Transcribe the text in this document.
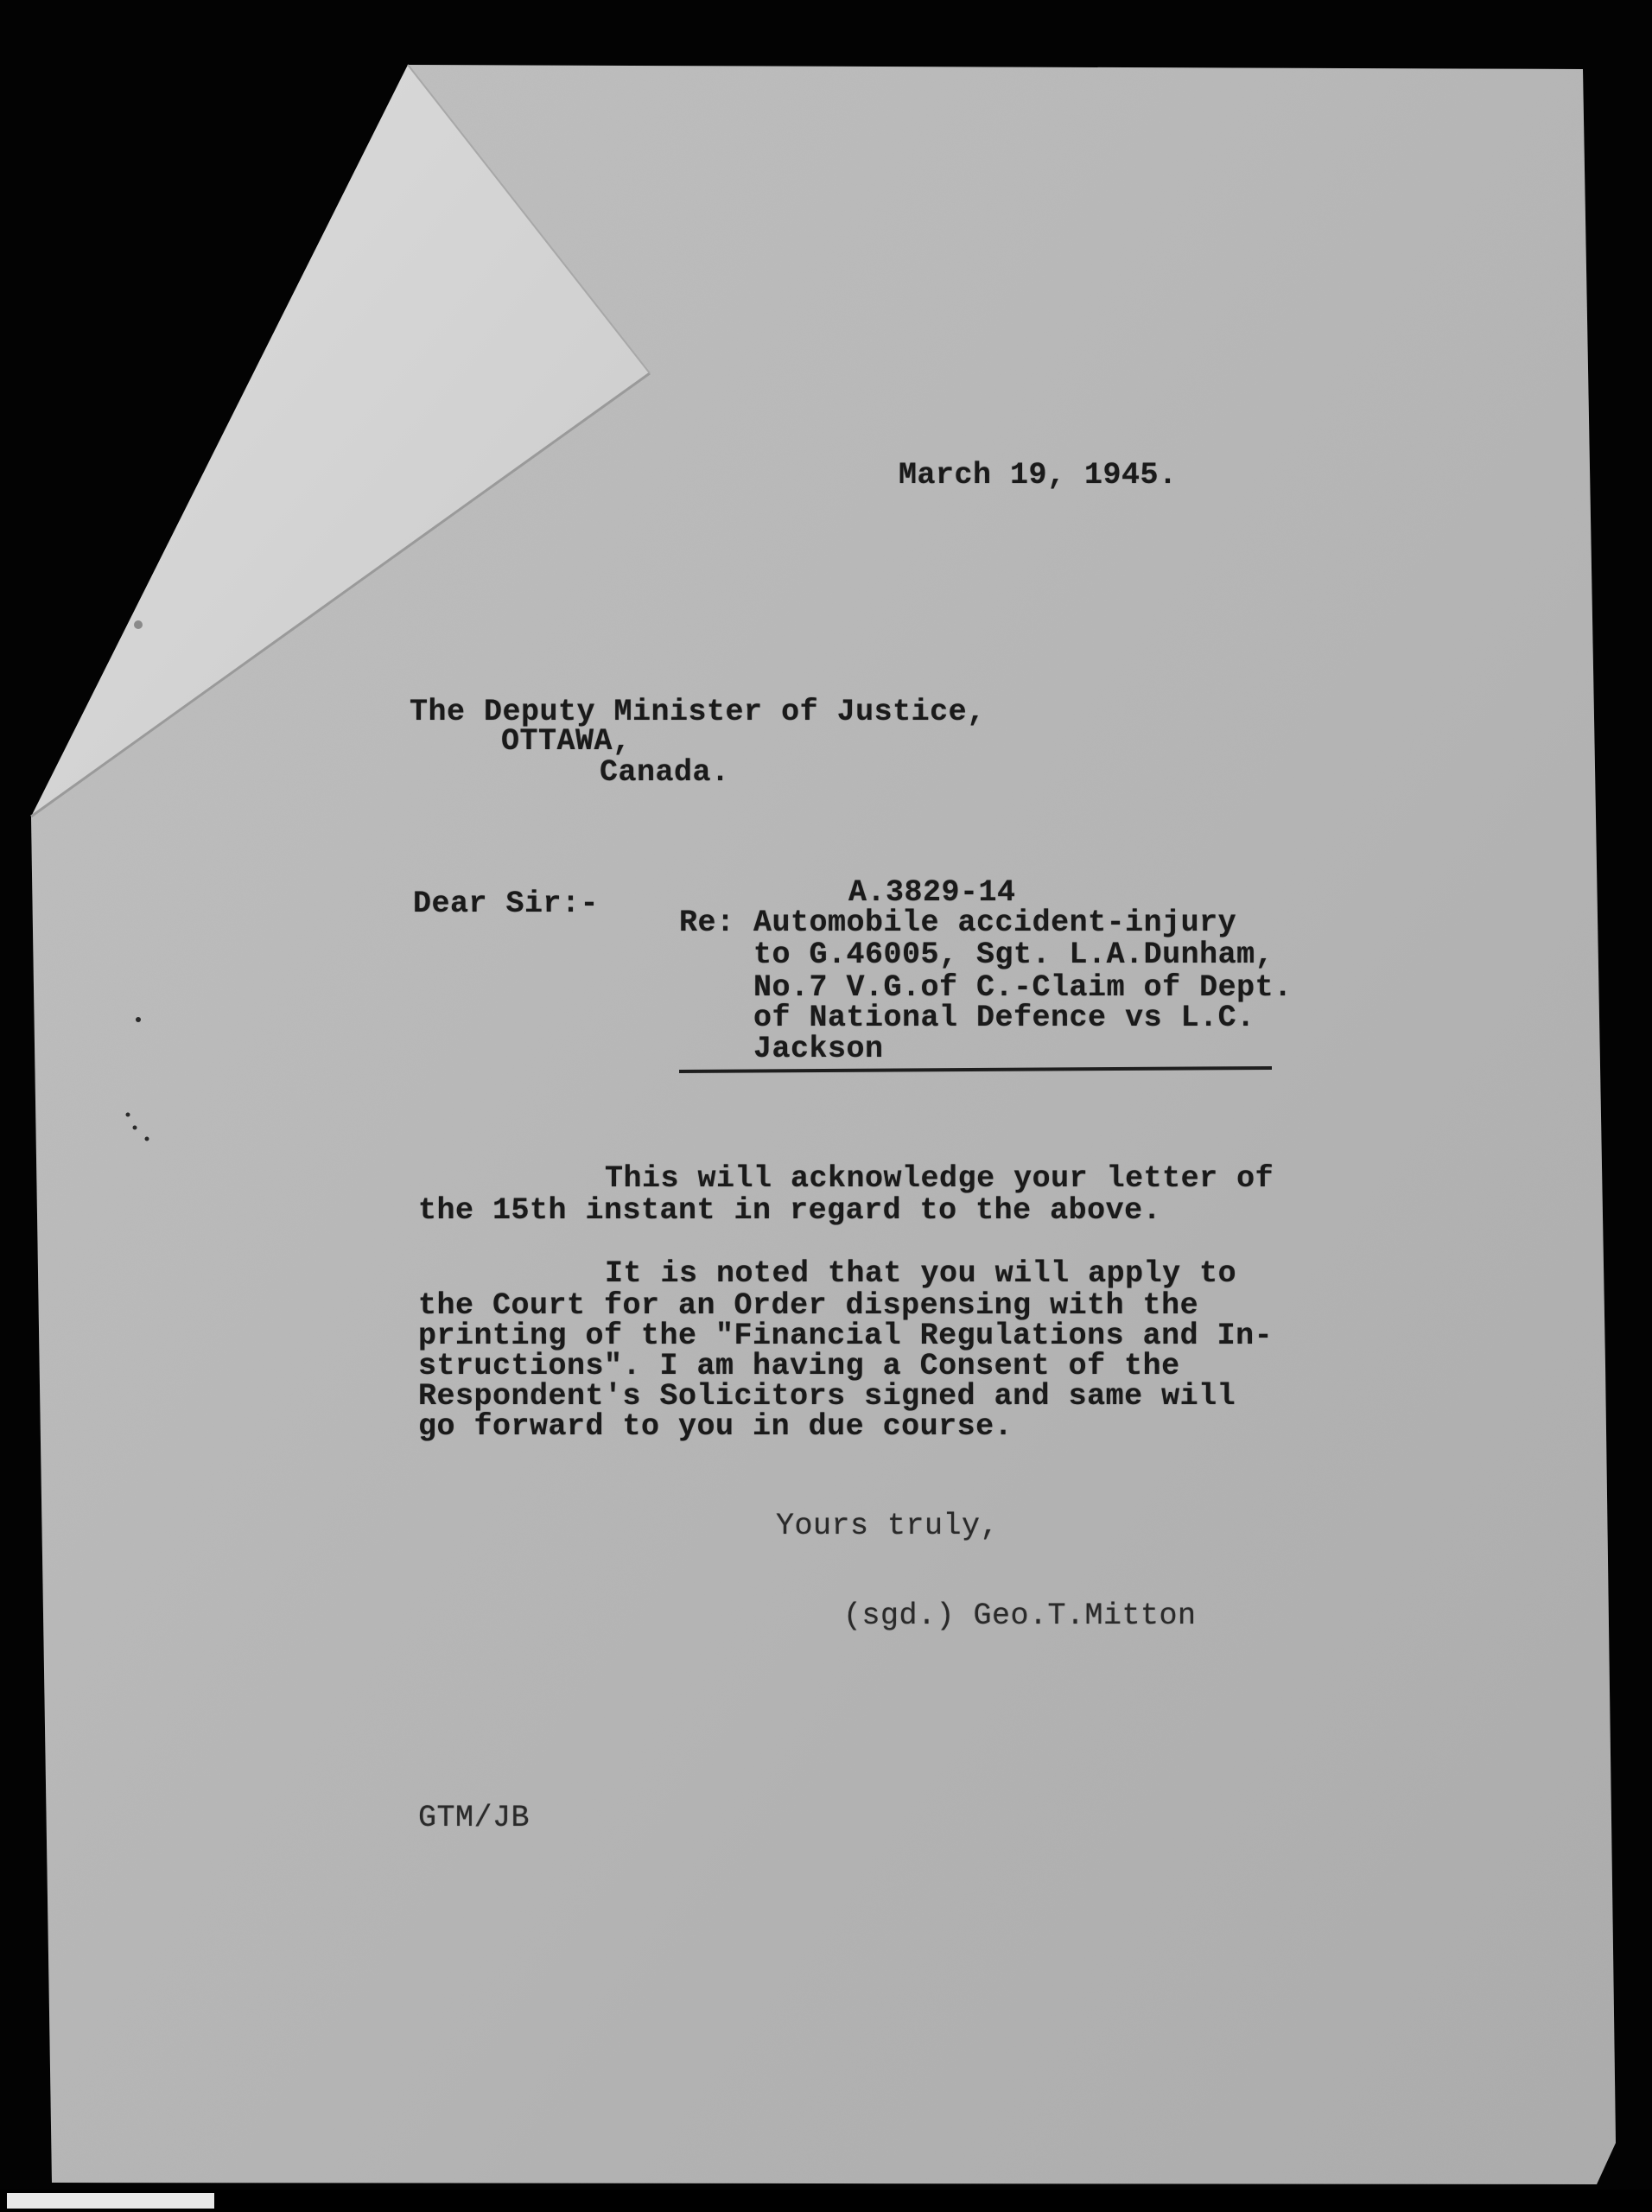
March 19, 1945.
The Deputy Minister of Justice,
OTTAWA,
Canada.
Dear Sir:-	A.3829-14
Re: Automobile accident-injury
to G.46005, Sgt. L.A.Dunham,
No.7 V.G.of C.-Claim of Dept.
of National Defence vs L.C.
Jackson
This will acknowledge your letter of
the 15th instant in regard to the above.
It is noted that you will apply to
the Court for an Order dispensing with the
printing of the "Financial Regulations and In-
structions". I am having a Consent of the
Respondent's Solicitors signed and same will
go forward to you in due course.
Yours truly,
(sgd.) Geo.T.Mitton
GTM/JB
